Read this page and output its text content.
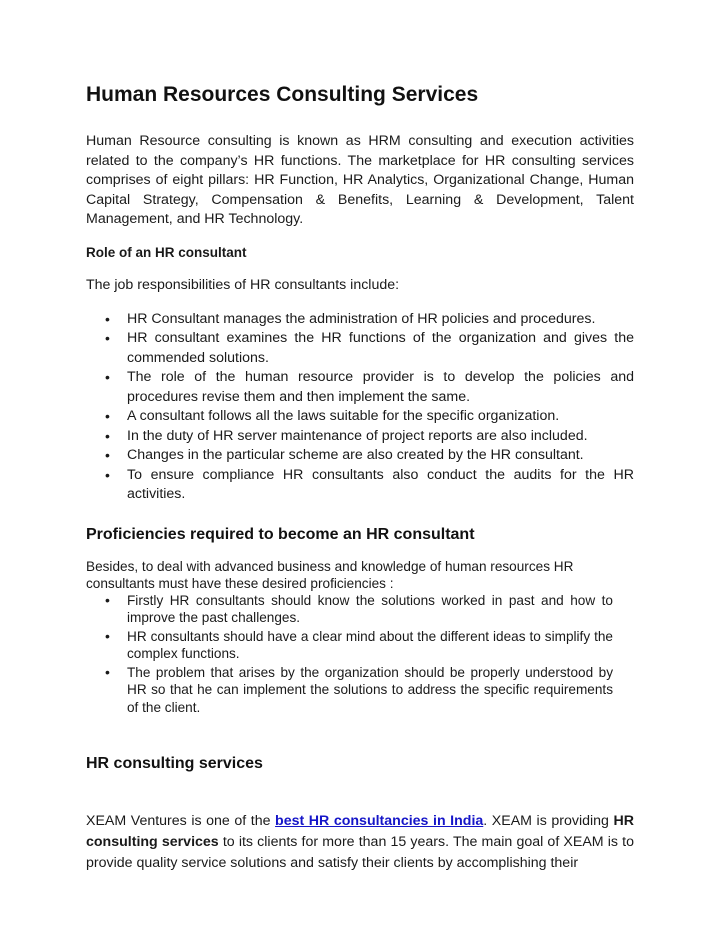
Human Resources Consulting Services

Human Resource consulting is known as HRM consulting and execution activities related to the company’s HR functions. The marketplace for HR consulting services comprises of eight pillars: HR Function, HR Analytics, Organizational Change, Human Capital Strategy, Compensation & Benefits, Learning & Development, Talent Management, and HR Technology.

Role of an HR consultant

The job responsibilities of HR consultants include:

• HR Consultant manages the administration of HR policies and procedures.
• HR consultant examines the HR functions of the organization and gives the commended solutions.
• The role of the human resource provider is to develop the policies and procedures revise them and then implement the same.
• A consultant follows all the laws suitable for the specific organization.
• In the duty of HR server maintenance of project reports are also included.
• Changes in the particular scheme are also created by the HR consultant.
• To ensure compliance HR consultants also conduct the audits for the HR activities.
Proficiencies required to become an HR consultant

Besides, to deal with advanced business and knowledge of human resources HR consultants must have these desired proficiencies :

• Firstly HR consultants should know the solutions worked in past and how to improve the past challenges.
• HR consultants should have a clear mind about the different ideas to simplify the complex functions.
• The problem that arises by the organization should be properly understood by HR so that he can implement the solutions to address the specific requirements of the client.
HR consulting services

XEAM Ventures is one of the best HR consultancies in India. XEAM is providing HR consulting services to its clients for more than 15 years. The main goal of XEAM is to provide quality service solutions and satisfy their clients by accomplishing their
